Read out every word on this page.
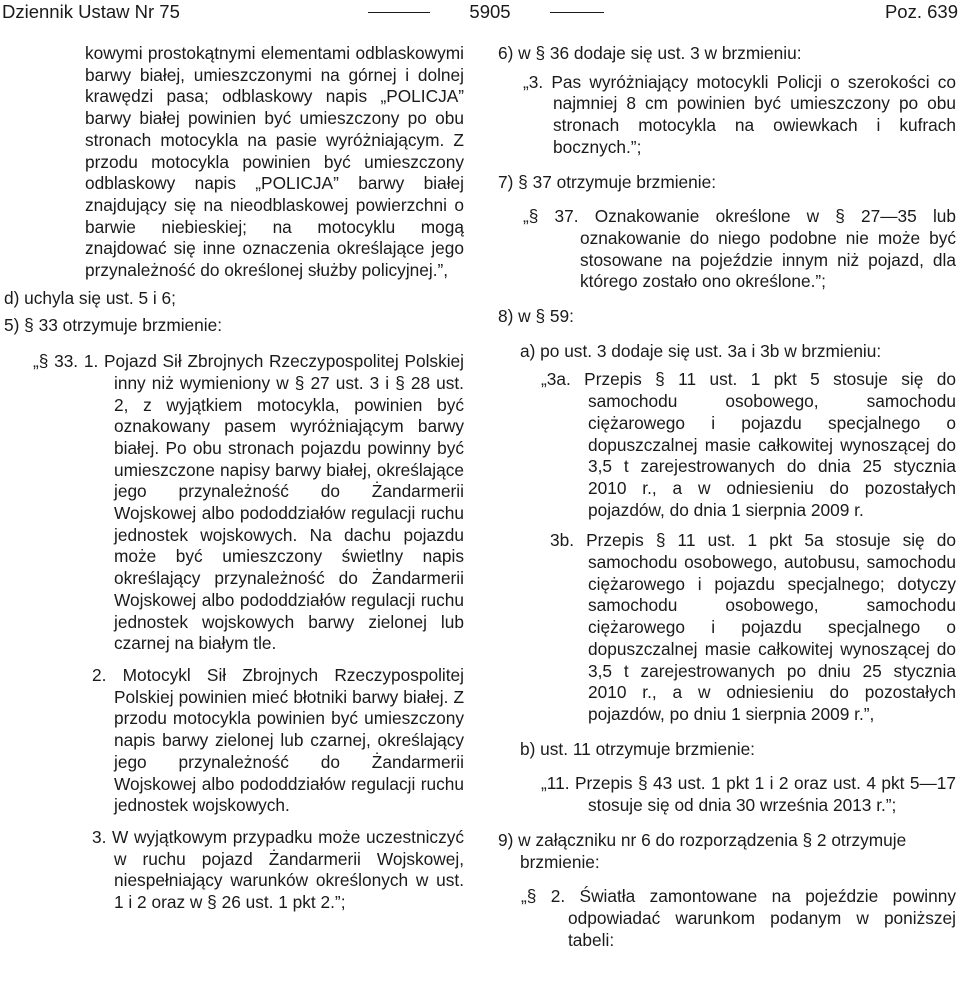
Dziennik Ustaw Nr 75	5905	Poz. 639

kowymi prostokątnymi elementami odblaskowymi barwy białej, umieszczonymi na górnej i dolnej krawędzi pasa; odblaskowy napis „POLICJA” barwy białej powinien być umieszczony po obu stronach motocykla na pasie wyróżniającym. Z przodu motocykla powinien być umieszczony odblaskowy napis „POLICJA” barwy białej znajdujący się na nieodblaskowej powierzchni o barwie niebieskiej; na motocyklu mogą znajdować się inne oznaczenia określające jego przynależność do określonej służby policyjnej.”,

d) uchyla się ust. 5 i 6;

5) § 33 otrzymuje brzmienie:

„§ 33. 1. Pojazd Sił Zbrojnych Rzeczypospolitej Polskiej inny niż wymieniony w § 27 ust. 3 i § 28 ust. 2, z wyjątkiem motocykla, powinien być oznakowany pasem wyróżniającym barwy białej. Po obu stronach pojazdu powinny być umieszczone napisy barwy białej, określające jego przynależność do Żandarmerii Wojskowej albo pododdziałów regulacji ruchu jednostek wojskowych. Na dachu pojazdu może być umieszczony świetlny napis określający przynależność do Żandarmerii Wojskowej albo pododdziałów regulacji ruchu jednostek wojskowych barwy zielonej lub czarnej na białym tle.

2. Motocykl Sił Zbrojnych Rzeczypospolitej Polskiej powinien mieć błotniki barwy białej. Z przodu motocykla powinien być umieszczony napis barwy zielonej lub czarnej, określający jego przynależność do Żandarmerii Wojskowej albo pododdziałów regulacji ruchu jednostek wojskowych.

3. W wyjątkowym przypadku może uczestniczyć w ruchu pojazd Żandarmerii Wojskowej, niespełniający warunków określonych w ust. 1 i 2 oraz w § 26 ust. 1 pkt 2.”;

6) w § 36 dodaje się ust. 3 w brzmieniu:

„3. Pas wyróżniający motocykli Policji o szerokości co najmniej 8 cm powinien być umieszczony po obu stronach motocykla na owiewkach i kufrach bocznych.”;

7) § 37 otrzymuje brzmienie:

„§ 37. Oznakowanie określone w § 27—35 lub oznakowanie do niego podobne nie może być stosowane na pojeździe innym niż pojazd, dla którego zostało ono określone.”;

8) w § 59:

a) po ust. 3 dodaje się ust. 3a i 3b w brzmieniu:

„3a. Przepis § 11 ust. 1 pkt 5 stosuje się do samochodu osobowego, samochodu ciężarowego i pojazdu specjalnego o dopuszczalnej masie całkowitej wynoszącej do 3,5 t zarejestrowanych do dnia 25 stycznia 2010 r., a w odniesieniu do pozostałych pojazdów, do dnia 1 sierpnia 2009 r.

3b. Przepis § 11 ust. 1 pkt 5a stosuje się do samochodu osobowego, autobusu, samochodu ciężarowego i pojazdu specjalnego; dotyczy samochodu osobowego, samochodu ciężarowego i pojazdu specjalnego o dopuszczalnej masie całkowitej wynoszącej do 3,5 t zarejestrowanych po dniu 25 stycznia 2010 r., a w odniesieniu do pozostałych pojazdów, po dniu 1 sierpnia 2009 r.”,

b) ust. 11 otrzymuje brzmienie:

„11. Przepis § 43 ust. 1 pkt 1 i 2 oraz ust. 4 pkt 5—17 stosuje się od dnia 30 września 2013 r.”;

9) w załączniku nr 6 do rozporządzenia § 2 otrzymuje brzmienie:

„§ 2. Światła zamontowane na pojeździe powinny odpowiadać warunkom podanym w poniższej tabeli:
